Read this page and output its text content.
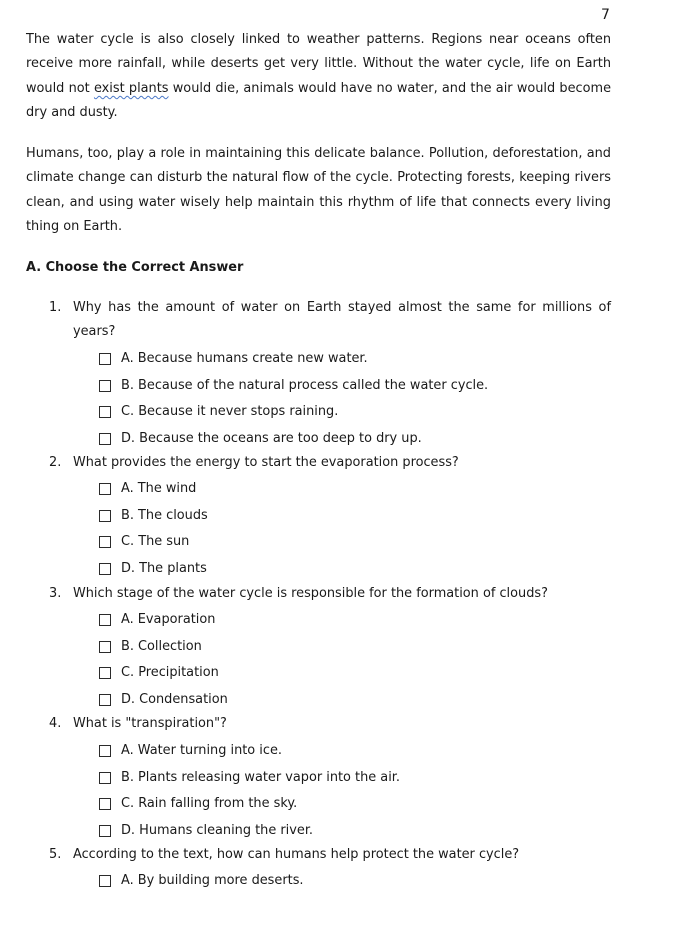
7

The water cycle is also closely linked to weather patterns. Regions near oceans often receive more rainfall, while deserts get very little. Without the water cycle, life on Earth would not exist plants would die, animals would have no water, and the air would become dry and dusty.

Humans, too, play a role in maintaining this delicate balance. Pollution, deforestation, and climate change can disturb the natural flow of the cycle. Protecting forests, keeping rivers clean, and using water wisely help maintain this rhythm of life that connects every living thing on Earth.

A. Choose the Correct Answer
1. Why has the amount of water on Earth stayed almost the same for millions of years?
A. Because humans create new water.
B. Because of the natural process called the water cycle.
C. Because it never stops raining.
D. Because the oceans are too deep to dry up.
2. What provides the energy to start the evaporation process?
A. The wind
B. The clouds
C. The sun
D. The plants
3. Which stage of the water cycle is responsible for the formation of clouds?
A. Evaporation
B. Collection
C. Precipitation
D. Condensation
4. What is "transpiration"?
A. Water turning into ice.
B. Plants releasing water vapor into the air.
C. Rain falling from the sky.
D. Humans cleaning the river.
5. According to the text, how can humans help protect the water cycle?
A. By building more deserts.
